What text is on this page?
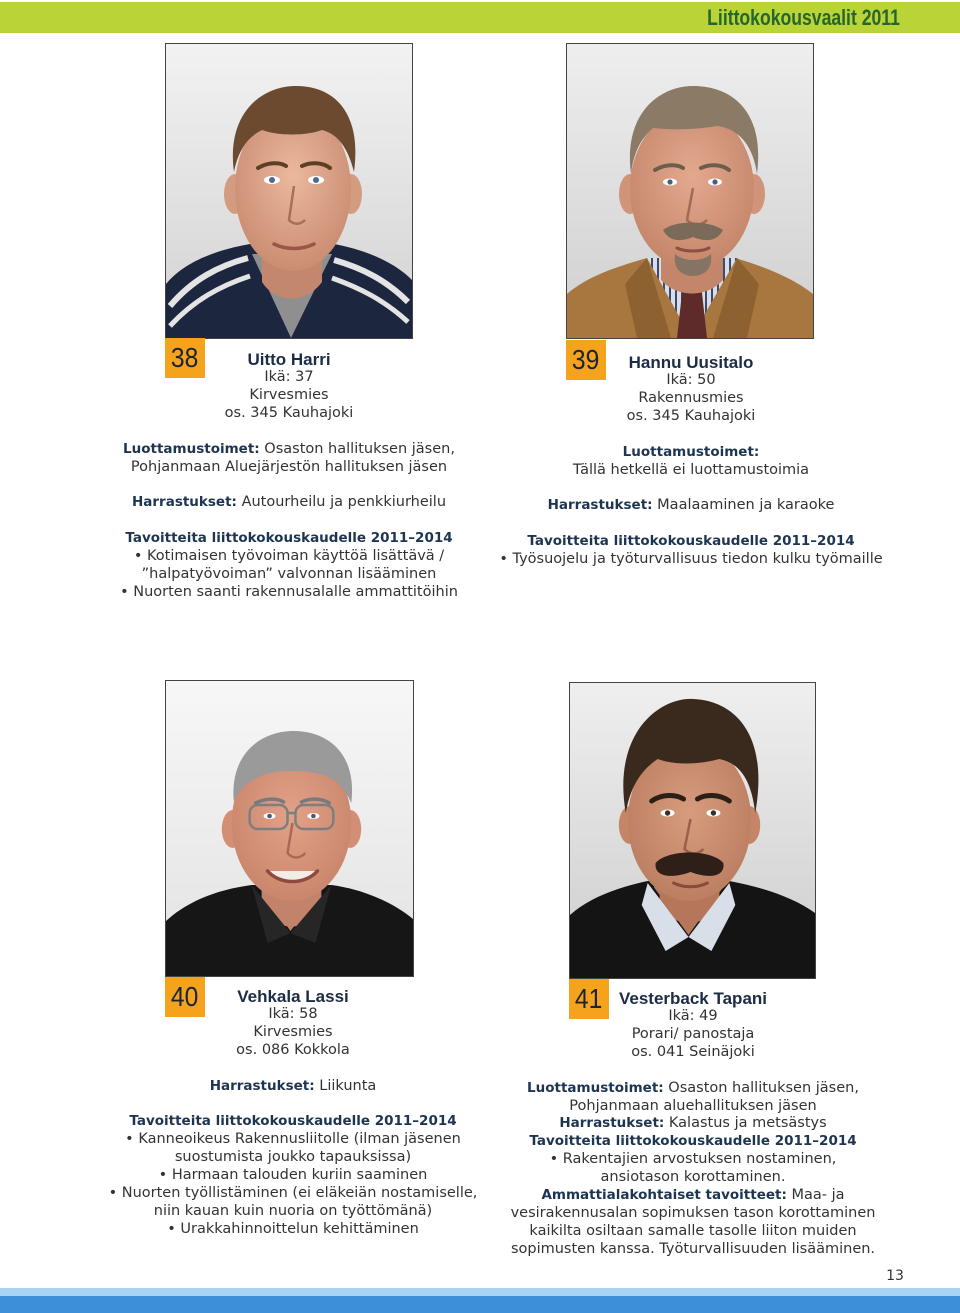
Liittokokousvaalit 2011
38	Uitto Harri
Ikä: 37
Kirvesmies
os. 345 Kauhajoki
Luottamustoimet: Osaston hallituksen jäsen,
Pohjanmaan Aluejärjestön hallituksen jäsen
Harrastukset: Autourheilu ja penkkiurheilu
Tavoitteita liittokokouskaudelle 2011–2014
• Kotimaisen työvoiman käyttöä lisättävä /
”halpatyövoiman” valvonnan lisääminen
• Nuorten saanti rakennusalalle ammattitöihin
39	Hannu Uusitalo
Ikä: 50
Rakennusmies
os. 345 Kauhajoki
Luottamustoimet:
Tällä hetkellä ei luottamustoimia
Harrastukset: Maalaaminen ja karaoke
Tavoitteita liittokokouskaudelle 2011–2014
• Työsuojelu ja työturvallisuus tiedon kulku työmaille
40	Vehkala Lassi
Ikä: 58
Kirvesmies
os. 086 Kokkola
Harrastukset: Liikunta
Tavoitteita liittokokouskaudelle 2011–2014
• Kanneoikeus Rakennusliitolle (ilman jäsenen
suostumista joukko tapauksissa)
• Harmaan talouden kuriin saaminen
• Nuorten työllistäminen (ei eläkeiän nostamiselle,
niin kauan kuin nuoria on työttömänä)
• Urakkahinnoittelun kehittäminen
41 Vesterback Tapani
Ikä: 49
Porari/ panostaja
os. 041 Seinäjoki
Luottamustoimet: Osaston hallituksen jäsen,
Pohjanmaan aluehallituksen jäsen
Harrastukset: Kalastus ja metsästys
Tavoitteita liittokokouskaudelle 2011–2014
• Rakentajien arvostuksen nostaminen,
ansiotason korottaminen.
Ammattialakohtaiset tavoitteet: Maa- ja
vesirakennusalan sopimuksen tason korottaminen
kaikilta osiltaan samalle tasolle liiton muiden
sopimusten kanssa. Työturvallisuuden lisääminen.
13
